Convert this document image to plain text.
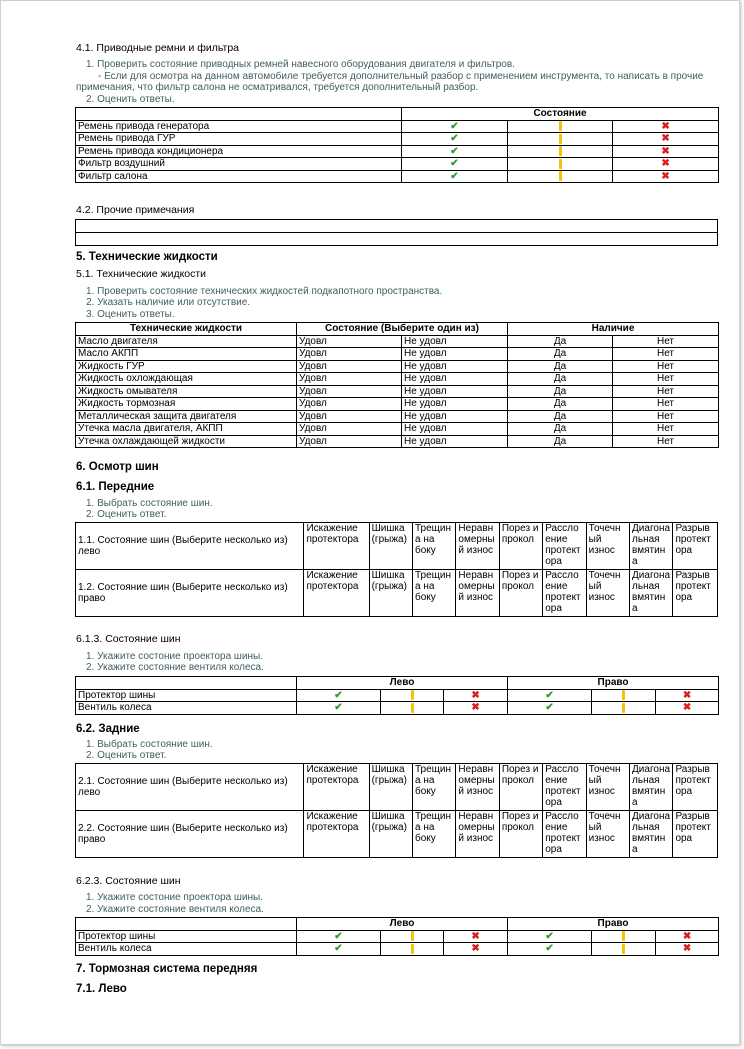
4.1. Приводные ремни и фильтра
1. Проверить состояние приводных ремней навесного оборудования двигателя и фильтров.
- Если для осмотра на данном автомобиле требуется дополнительный разбор с применением инструмента, то написать в прочие
примечания, что фильтр салона не осматривался, требуется дополнительный разбор.
2. Оценить ответы.
	Состояние		
Ремень привода генератора	✔		✖
Ремень привода ГУР	✔		✖
Ремень привода кондиционера	✔		✖
Фильтр воздушний	✔		✖
Фильтр салона	✔		✖
4.2. Прочие примечания

5. Технические жидкости
5.1. Технические жидкости
1. Проверить состояние технических жидкостей подкапотного пространства.
2. Указать наличие или отсутствие.
3. Оценить ответы.
Технические жидкости	Состояние (Выберите один из)		Наличие	
Масло двигателя	Удовл	Не удовл	Да	Нет
Масло АКПП	Удовл	Не удовл	Да	Нет
Жидкость ГУР	Удовл	Не удовл	Да	Нет
Жидкость охлождающая	Удовл	Не удовл	Да	Нет
Жидкость омывателя	Удовл	Не удовл	Да	Нет
Жидкость тормозная	Удовл	Не удовл	Да	Нет
Металлическая защита двигателя	Удовл	Не удовл	Да	Нет
Утечка масла двигателя, АКПП	Удовл	Не удовл	Да	Нет
Утечка охлаждающей жидкости	Удовл	Не удовл	Да	Нет
6. Осмотр шин
6.1. Передние
1. Выбрать состояние шин.
2. Оценить ответ.
1.1. Состояние шин (Выберите несколько из) лево	Искажение протектора	Шишка (грыжа)	Трещин а на боку	Неравн омерны й износ	Порез и прокол	Рассло ение протект ора	Точечн ый износ	Диагона льная вмятин а	Разрыв протект ора
1.2. Состояние шин (Выберите несколько из) право	Искажение протектора	Шишка (грыжа)	Трещин а на боку	Неравн омерны й износ	Порез и прокол	Рассло ение протект ора	Точечн ый износ	Диагона льная вмятин а	Разрыв протект ора
6.1.3. Состояние шин
1. Укажите состоние проектора шины.
2. Укажите состояние вентиля колеса.
	Лево			Право		
Протектор шины	✔		✖	✔		✖
Вентиль колеса	✔		✖	✔		✖
6.2. Задние
1. Выбрать состояние шин.
2. Оценить ответ.
2.1. Состояние шин (Выберите несколько из) лево	Искажение протектора	Шишка (грыжа)	Трещин а на боку	Неравн омерны й износ	Порез и прокол	Рассло ение протект ора	Точечн ый износ	Диагона льная вмятин а	Разрыв протект ора
2.2. Состояние шин (Выберите несколько из) право	Искажение протектора	Шишка (грыжа)	Трещин а на боку	Неравн омерны й износ	Порез и прокол	Рассло ение протект ора	Точечн ый износ	Диагона льная вмятин а	Разрыв протект ора
6.2.3. Состояние шин
1. Укажите состоние проектора шины.
2. Укажите состояние вентиля колеса.
	Лево			Право		
Протектор шины	✔		✖	✔		✖
Вентиль колеса	✔		✖	✔		✖
7. Тормозная система передняя
7.1. Лево
